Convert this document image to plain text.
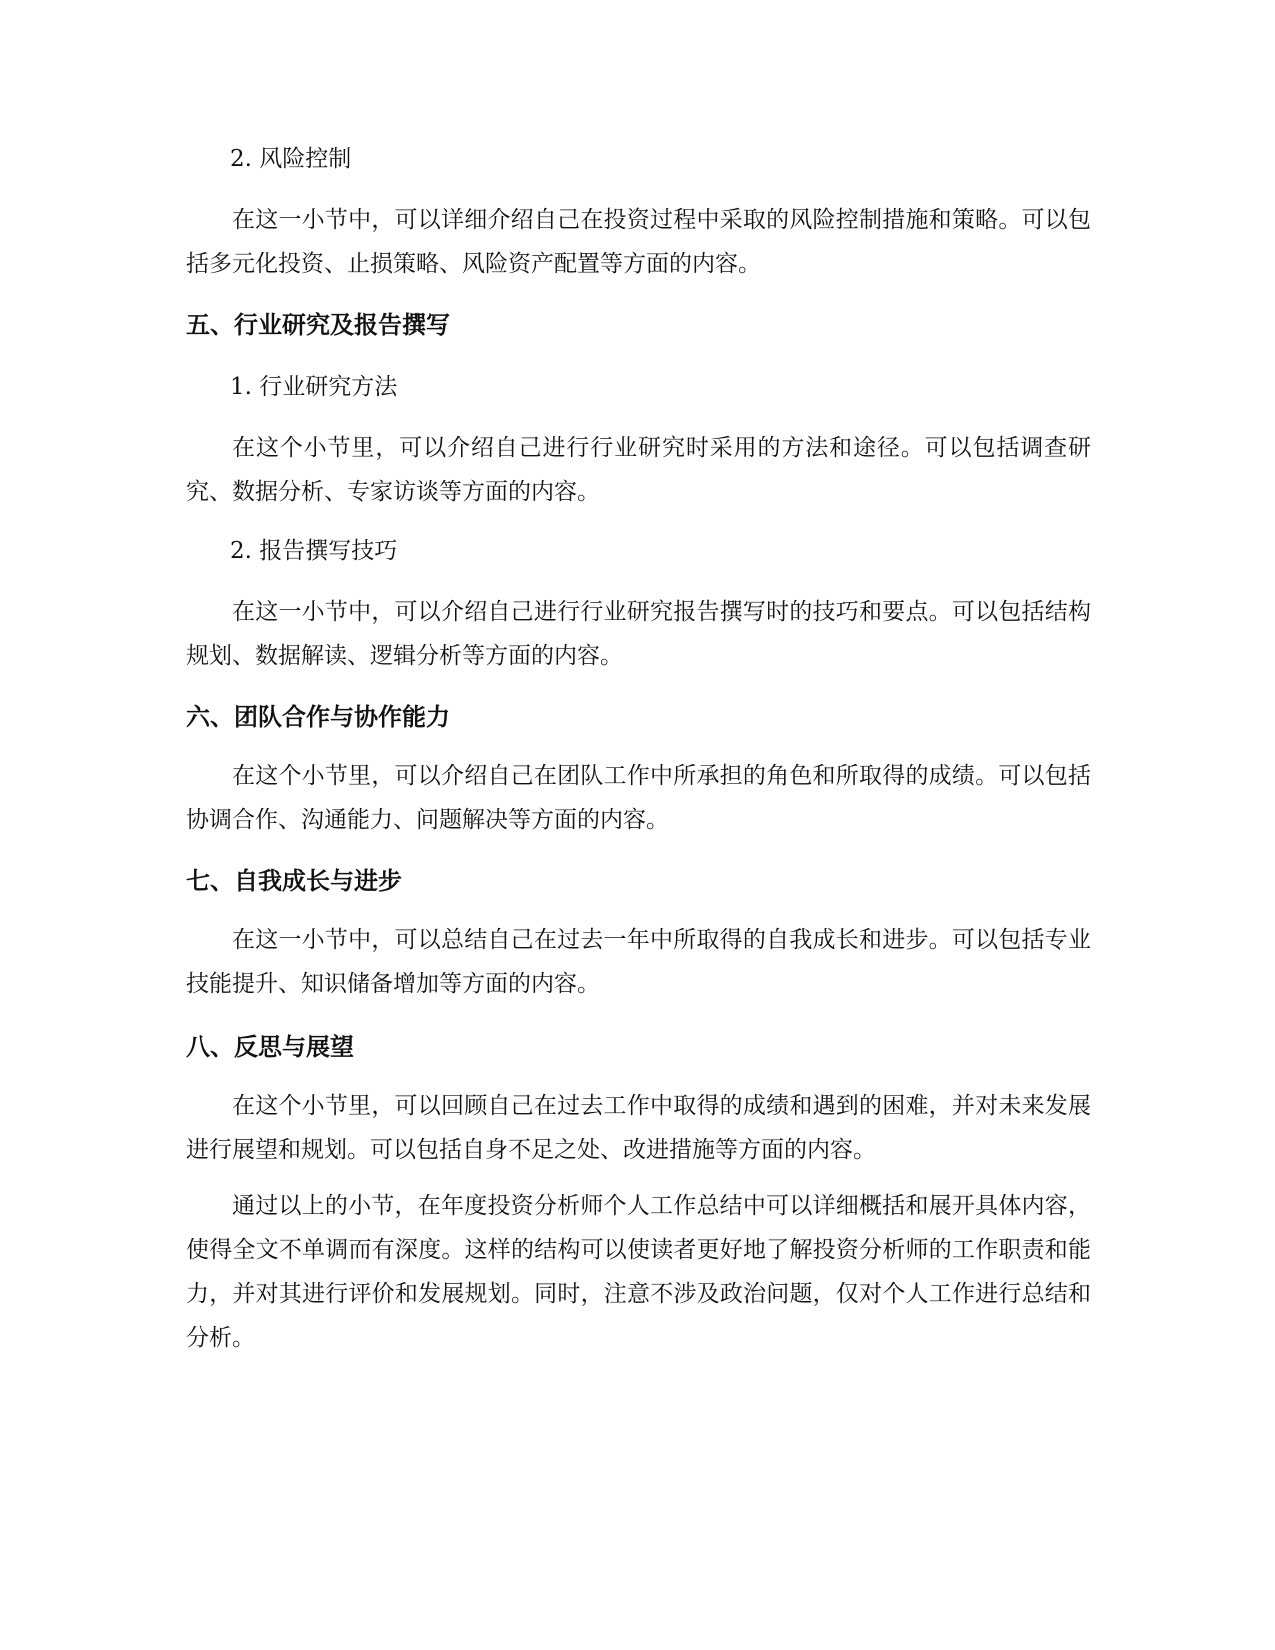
2. 风险控制

在这一小节中，可以详细介绍自己在投资过程中采取的风险控制措施和策略。可以包括多元化投资、止损策略、风险资产配置等方面的内容。

五、行业研究及报告撰写

1. 行业研究方法

在这个小节里，可以介绍自己进行行业研究时采用的方法和途径。可以包括调查研究、数据分析、专家访谈等方面的内容。

2. 报告撰写技巧

在这一小节中，可以介绍自己进行行业研究报告撰写时的技巧和要点。可以包括结构规划、数据解读、逻辑分析等方面的内容。

六、团队合作与协作能力

在这个小节里，可以介绍自己在团队工作中所承担的角色和所取得的成绩。可以包括协调合作、沟通能力、问题解决等方面的内容。

七、自我成长与进步

在这一小节中，可以总结自己在过去一年中所取得的自我成长和进步。可以包括专业技能提升、知识储备增加等方面的内容。

八、反思与展望

在这个小节里，可以回顾自己在过去工作中取得的成绩和遇到的困难，并对未来发展进行展望和规划。可以包括自身不足之处、改进措施等方面的内容。

通过以上的小节，在年度投资分析师个人工作总结中可以详细概括和展开具体内容，使得全文不单调而有深度。这样的结构可以使读者更好地了解投资分析师的工作职责和能力，并对其进行评价和发展规划。同时，注意不涉及政治问题，仅对个人工作进行总结和分析。
